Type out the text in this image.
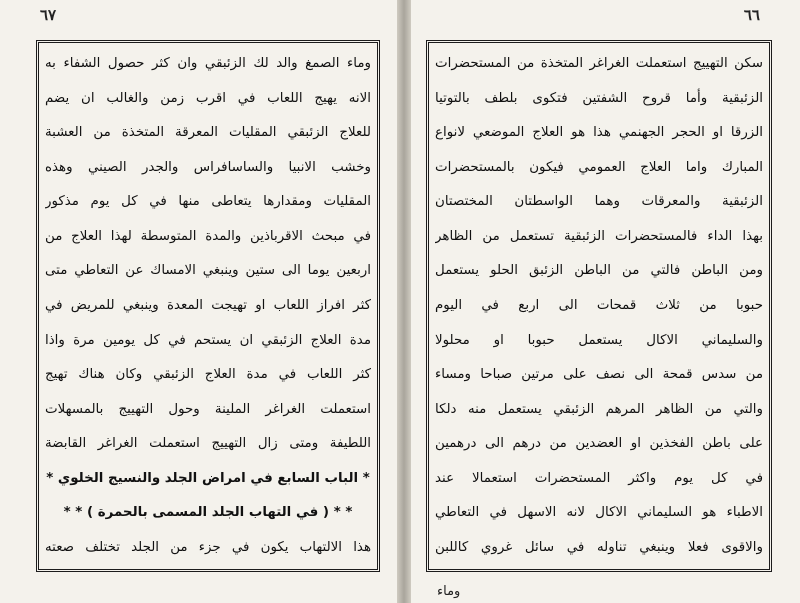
٦٧
وماء الصمغ والد لك الزئبقي وان كثر حصول الشفاء به
الانه يهيج اللعاب في اقرب زمن والغالب ان يضم
للعلاج الزئبقي المقليات المعرقة المتخذة من العشبة
وخشب الانبيا والساسافراس والجدر الصيني وهذه
المقليات ومقدارها يتعاطى منها في كل يوم مذكور
في مبحث الاقرباذين والمدة المتوسطة لهذا العلاج من
اربعين يوما الى ستين وينبغي الامساك عن التعاطي متى
كثر افراز اللعاب او تهيجت المعدة وينبغي للمريض في
مدة العلاج الزئبقي ان يستحم في كل يومين مرة واذا
كثر اللعاب في مدة العلاج الزئبقي وكان هناك تهيج
استعملت الغراغر الملينة وحول التهييج بالمسهلات
اللطيفة ومتى زال التهييج استعملت الغراغر القابضة
* الباب السابع في امراض الجلد والنسيج الخلوي *
* * ( في التهاب الجلد المسمى بالحمرة ) * *
هذا الالتهاب يكون في جزء من الجلد تختلف صعته
٦٦
سكن التهييج استعملت الغراغر المتخذة من المستحضرات
الزئبقية وأما قروح الشفتين فتكوى بلطف بالتوتيا
الزرقا او الحجر الجهنمي هذا هو العلاج الموضعي لانواع
المبارك واما العلاج العمومي فيكون بالمستحضرات
الزئبقية والمعرقات وهما الواسطتان المختصتان
بهذا الداء فالمستحضرات الزئبقية تستعمل من الظاهر
ومن الباطن فالتي من الباطن الزئبق الحلو يستعمل
حبوبا من ثلاث قمحات الى اربع في اليوم
والسليماني الاكال يستعمل حبوبا او محلولا
من سدس قمحة الى نصف على مرتين صباحا ومساء
والتي من الظاهر المرهم الزئبقي يستعمل منه دلكا
على باطن الفخذين او العضدين من درهم الى درهمين
في كل يوم واكثر المستحضرات استعمالا عند
الاطباء هو السليماني الاكال لانه الاسهل في التعاطي
والاقوى فعلا وينبغي تناوله في سائل غروي كاللبن
وماء
